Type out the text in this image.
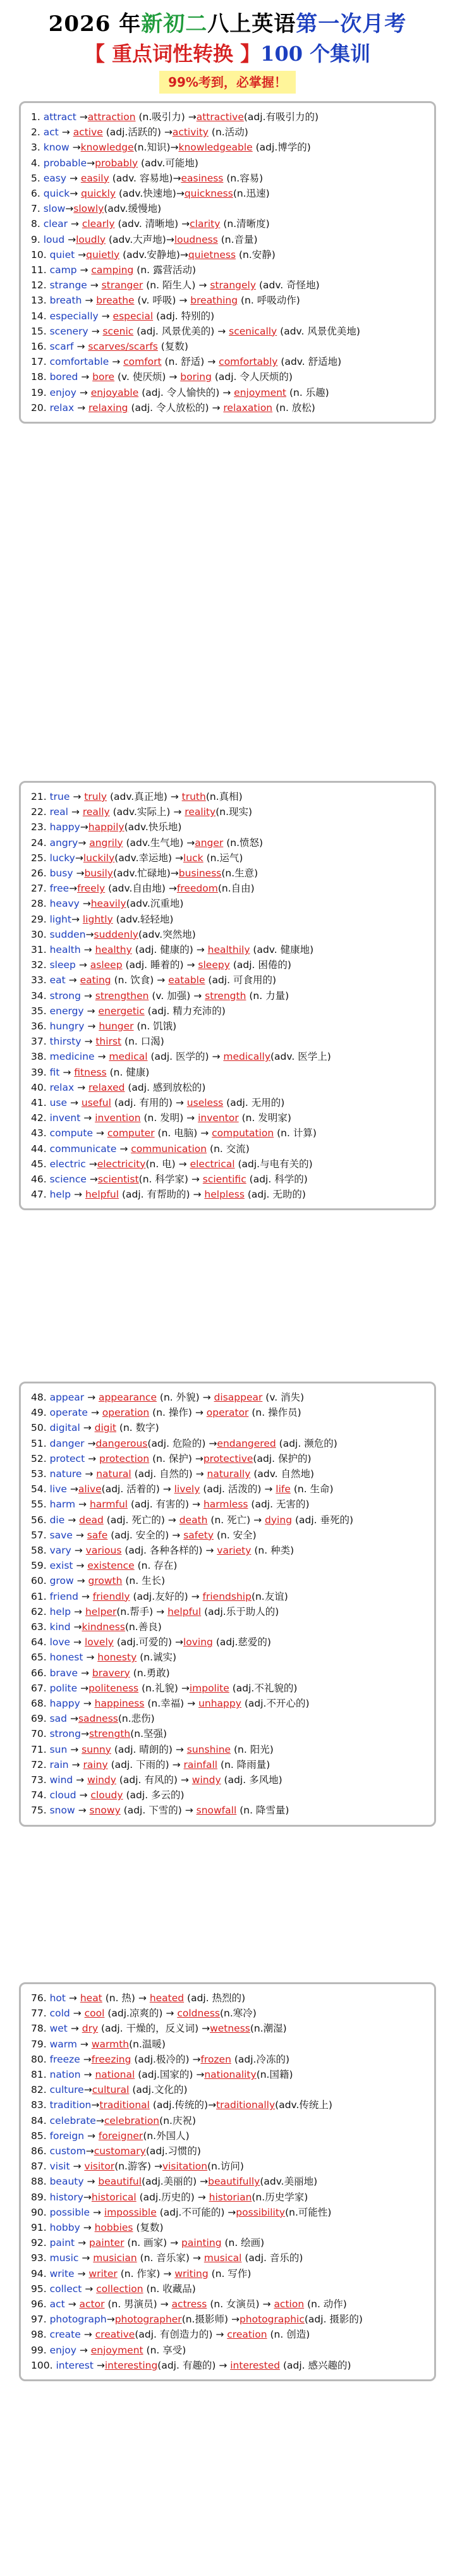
2026 年新初二八上英语第一次月考
【 重点词性转换 】100 个集训
99%考到，必掌握！
1. attract →attraction (n.吸引力) →attractive(adj.有吸引力的)
2. act → active (adj.活跃的) →activity (n.活动)
3. know →knowledge(n.知识)→knowledgeable (adj.博学的)
4. probable→probably (adv.可能地)
5. easy → easily (adv. 容易地)→easiness (n.容易)
6. quick→ quickly (adv.快速地)→quickness(n.迅速)
7. slow→slowly(adv.缓慢地)
8. clear → clearly (adv. 清晰地) →clarity (n.清晰度)
9. loud →loudly (adv.大声地)→loudness (n.音量)
10. quiet →quietly (adv.安静地)→quietness (n.安静)
11. camp → camping (n. 露营活动)
12. strange → stranger (n. 陌生人) → strangely (adv. 奇怪地)
13. breath → breathe (v. 呼吸) → breathing (n. 呼吸动作)
14. especially → especial (adj. 特别的)
15. scenery → scenic (adj. 风景优美的) → scenically (adv. 风景优美地)
16. scarf → scarves/scarfs (复数)
17. comfortable → comfort (n. 舒适) → comfortably (adv. 舒适地)
18. bored → bore (v. 使厌烦) → boring (adj. 令人厌烦的)
19. enjoy → enjoyable (adj. 令人愉快的) → enjoyment (n. 乐趣)
20. relax → relaxing (adj. 令人放松的) → relaxation (n. 放松)
21. true → truly (adv.真正地) → truth(n.真相)
22. real → really (adv.实际上) → reality(n.现实)
23. happy→happily(adv.快乐地)
24. angry→ angrily (adv.生气地) →anger (n.愤怒)
25. lucky→luckily(adv.幸运地) →luck (n.运气)
26. busy →busily(adv.忙碌地)→business(n.生意)
27. free→freely (adv.自由地) →freedom(n.自由)
28. heavy →heavily(adv.沉重地)
29. light→ lightly (adv.轻轻地)
30. sudden→suddenly(adv.突然地)
31. health → healthy (adj. 健康的) → healthily (adv. 健康地)
32. sleep → asleep (adj. 睡着的) → sleepy (adj. 困倦的)
33. eat → eating (n. 饮食) → eatable (adj. 可食用的)
34. strong → strengthen (v. 加强) → strength (n. 力量)
35. energy → energetic (adj. 精力充沛的)
36. hungry → hunger (n. 饥饿)
37. thirsty → thirst (n. 口渴)
38. medicine → medical (adj. 医学的) → medically(adv. 医学上)
39. fit → fitness (n. 健康)
40. relax → relaxed (adj. 感到放松的)
41. use → useful (adj. 有用的) → useless (adj. 无用的)
42. invent → invention (n. 发明) → inventor (n. 发明家)
43. compute → computer (n. 电脑) → computation (n. 计算)
44. communicate → communication (n. 交流)
45. electric →electricity(n. 电) → electrical (adj.与电有关的)
46. science →scientist(n. 科学家) → scientific (adj. 科学的)
47. help → helpful (adj. 有帮助的) → helpless (adj. 无助的)
48. appear → appearance (n. 外貌) → disappear (v. 消失)
49. operate → operation (n. 操作) → operator (n. 操作员)
50. digital → digit (n. 数字)
51. danger →dangerous(adj. 危险的) →endangered (adj. 濒危的)
52. protect → protection (n. 保护) →protective(adj. 保护的)
53. nature → natural (adj. 自然的) → naturally (adv. 自然地)
54. live →alive(adj. 活着的) → lively (adj. 活泼的) → life (n. 生命)
55. harm → harmful (adj. 有害的) → harmless (adj. 无害的)
56. die → dead (adj. 死亡的) → death (n. 死亡) → dying (adj. 垂死的)
57. save → safe (adj. 安全的) → safety (n. 安全)
58. vary → various (adj. 各种各样的) → variety (n. 种类)
59. exist → existence (n. 存在)
60. grow → growth (n. 生长)
61. friend → friendly (adj.友好的) → friendship(n.友谊)
62. help → helper(n.帮手) → helpful (adj.乐于助人的)
63. kind →kindness(n.善良)
64. love → lovely (adj.可爱的) →loving (adj.慈爱的)
65. honest → honesty (n.诚实)
66. brave → bravery (n.勇敢)
67. polite →politeness (n.礼貌) →impolite (adj.不礼貌的)
68. happy → happiness (n.幸福) → unhappy (adj.不开心的)
69. sad →sadness(n.悲伤)
70. strong→strength(n.坚强)
71. sun → sunny (adj. 晴朗的) → sunshine (n. 阳光)
72. rain → rainy (adj. 下雨的) → rainfall (n. 降雨量)
73. wind → windy (adj. 有风的) → windy (adj. 多风地)
74. cloud → cloudy (adj. 多云的)
75. snow → snowy (adj. 下雪的) → snowfall (n. 降雪量)
76. hot → heat (n. 热) → heated (adj. 热烈的)
77. cold → cool (adj.凉爽的) → coldness(n.寒冷)
78. wet → dry (adj. 干燥的，反义词) →wetness(n.潮湿)
79. warm → warmth(n.温暖)
80. freeze →freezing (adj.极冷的) →frozen (adj.冷冻的)
81. nation → national (adj.国家的) →nationality(n.国籍)
82. culture→cultural (adj.文化的)
83. tradition→traditional (adj.传统的)→traditionally(adv.传统上)
84. celebrate→celebration(n.庆祝)
85. foreign → foreigner(n.外国人)
86. custom→customary(adj.习惯的)
87. visit → visitor(n.游客) →visitation(n.访问)
88. beauty → beautiful(adj.美丽的) →beautifully(adv.美丽地)
89. history→historical (adj.历史的) → historian(n.历史学家)
90. possible → impossible (adj.不可能的) →possibility(n.可能性)
91. hobby → hobbies (复数)
92. paint → painter (n. 画家) → painting (n. 绘画)
93. music → musician (n. 音乐家) → musical (adj. 音乐的)
94. write → writer (n. 作家) → writing (n. 写作)
95. collect → collection (n. 收藏品)
96. act → actor (n. 男演员) → actress (n. 女演员) → action (n. 动作)
97. photograph→photographer(n.摄影师) →photographic(adj. 摄影的)
98. create → creative(adj. 有创造力的) → creation (n. 创造)
99. enjoy → enjoyment (n. 享受)
100. interest →interesting(adj. 有趣的) → interested (adj. 感兴趣的)
